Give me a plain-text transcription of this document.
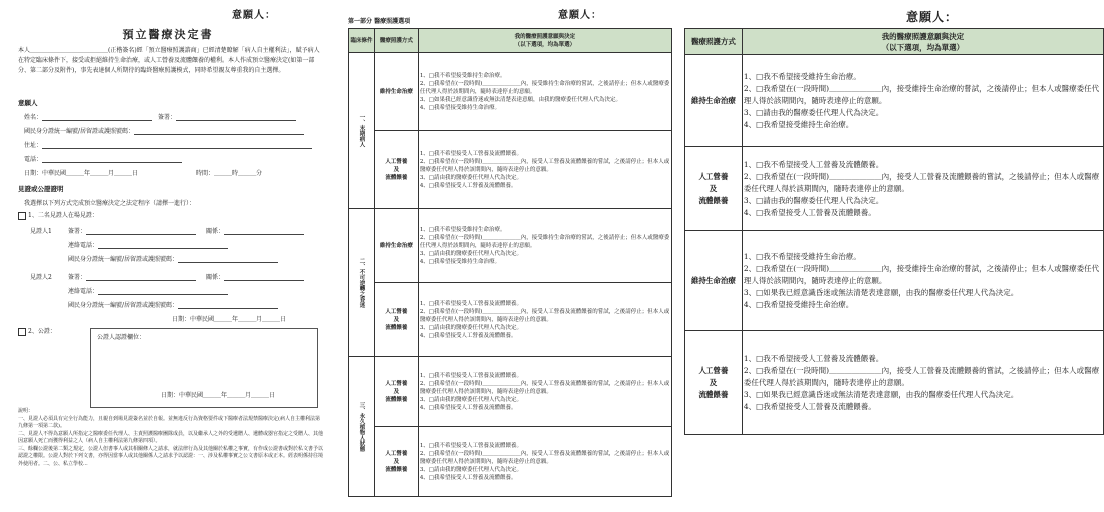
意願人：
預立醫療決定書
本人＿＿＿＿＿＿＿＿＿＿＿＿＿(正楷簽名)經「預立醫療照護諮商」已經清楚瞭解「病人自主權利法」，賦予病人在特定臨床條件下，接受或拒絕維持生命治療，或人工營養及流體餵養的權利。本人作成預立醫療決定(如第一部分、第二部分及附件)，事先表達個人所期待的臨終醫療照護模式，同時希望親友尊重我的自主選擇。
意願人
姓名：	簽署：
國民身分證統一編號/居留證或護照號碼：
住址：
電話：
日期：中華民國＿＿＿年＿＿＿月＿＿＿日	時間：＿＿＿時＿＿＿分
見證或公證證明
我選擇以下列方式完成預立醫療決定之法定程序（請擇一進行）：
1、二名見證人在場見證：
見證人1	簽署：	關係：
連絡電話：
國民身分證統一編號/居留證或護照號碼：
見證人2	簽署：	關係：
連絡電話：
國民身分證統一編號/居留證或護照號碼：
日期：中華民國＿＿＿年＿＿＿月＿＿＿日
2、公證：
公證人認證欄位：
日期：中華民國＿＿＿年＿＿＿月＿＿＿日
說明：
一、見證人必須具有完全行為能力，且親自到場見證簽名並於自報。並無違反行為資格要件或下醫療者法規禁醫療決定(病人自主權利法第九條第一項第二款)。
二、見證人不得為意願人所指定之醫療委任代理人、主責照護醫療團隊成員，以及繼承人之外的受遺贈人、遺體或器官指定之受贈人、其他因意願人死亡而獲得利益之人（病人自主權利法第九條第四項）。
三、餘欄公證後第二類之規定，公證人但書事人或其相關條人之請求，就法律行為及其他關於私權之事實，有作成公證書或對於私文書予以認證之權限。公證人對於下列文書，亦得因當事人或其他關係人之請求予以認證：一、涉及私權事實之公文書原本或正本。經表明係持往境外使用者。二、公、私立學校...
意願人：
第一部分 醫療照護選項
臨床條件	醫療照護方式	我的醫療照護意願與決定
（以下選項，均為單選）
一、末期病人	維持生命治療	1、□我不希望接受維持生命治療。
2、□我希望在(一段時間)＿＿＿＿＿＿＿內，接受維持生命治療的嘗試，之後請停止；但本人或醫療委任代理人得於該期間內，隨時表達停止的意願。
3、□如果我已經意識昏迷或無法清楚表達意願，由我的醫療委任代理人代為決定。
4、□我希望接受維持生命治療。

	人工營養
及
流體餵養	1、□我不希望接受人工營養及流體餵養。
2、□我希望在(一段時間)＿＿＿＿＿＿＿內，接受人工營養及流體餵養的嘗試，之後請停止；但本人或醫療委任代理人得於該期間內，隨時表達停止的意願。
3、□請由我的醫療委任代理人代為決定。
4、□我希望接受人工營養及流體餵養。

二、不可逆轉之昏迷	維持生命治療	1、□我不希望接受維持生命治療。
2、□我希望在(一段時間)＿＿＿＿＿＿＿內，接受維持生命治療的嘗試，之後請停止；但本人或醫療委任代理人得於該期間內，隨時表達停止的意願。
3、□請由我的醫療委任代理人代為決定。
4、□我希望接受維持生命治療。

	人工營養
及
流體餵養	1、□我不希望接受人工營養及流體餵養。
2、□我希望在(一段時間)＿＿＿＿＿＿＿內，接受人工營養及流體餵養的嘗試，之後請停止；但本人或醫療委任代理人得於該期間內，隨時表達停止的意願。
3、□請由我的醫療委任代理人代為決定。
4、□我希望接受人工營養及流體餵養。

三、永久植物人狀態	人工營養
及
流體餵養	1、□我不希望接受人工營養及流體餵養。
2、□我希望在(一段時間)＿＿＿＿＿＿＿內，接受人工營養及流體餵養的嘗試，之後請停止；但本人或醫療委任代理人得於該期間內，隨時表達停止的意願。
3、□請由我的醫療委任代理人代為決定。
4、□我希望接受人工營養及流體餵養。

	人工營養
及
流體餵養	1、□我不希望接受人工營養及流體餵養。
2、□我希望在(一段時間)＿＿＿＿＿＿＿內，接受人工營養及流體餵養的嘗試，之後請停止；但本人或醫療委任代理人得於該期間內，隨時表達停止的意願。
3、□請由我的醫療委任代理人代為決定。
4、□我希望接受人工營養及流體餵養。
意願人：
醫療照護方式	我的醫療照護意願與決定
（以下選項，均為單選）
維持生命治療	1、□我不希望接受維持生命治療。
2、□我希望在(一段時間)＿＿＿＿＿＿＿內，接受維持生命治療的嘗試，之後請停止；但本人或醫療委任代理人得於該期間內，隨時表達停止的意願。
3、□請由我的醫療委任代理人代為決定。
4、□我希望接受維持生命治療。

人工營養
及
流體餵養	1、□我不希望接受人工營養及流體餵養。
2、□我希望在(一段時間)＿＿＿＿＿＿＿內，接受人工營養及流體餵養的嘗試，之後請停止；但本人或醫療委任代理人得於該期間內，隨時表達停止的意願。
3、□請由我的醫療委任代理人代為決定。
4、□我希望接受人工營養及流體餵養。

維持生命治療	1、□我不希望接受維持生命治療。
2、□我希望在(一段時間)＿＿＿＿＿＿＿內，接受維持生命治療的嘗試，之後請停止；但本人或醫療委任代理人得於該期間內，隨時表達停止的意願。
3、□如果我已經意識昏迷或無法清楚表達意願，由我的醫療委任代理人代為決定。
4、□我希望接受維持生命治療。

人工營養
及
流體餵養	1、□我不希望接受人工營養及流體餵養。
2、□我希望在(一段時間)＿＿＿＿＿＿＿內，接受人工營養及流體餵養的嘗試，之後請停止；但本人或醫療委任代理人得於該期間內，隨時表達停止的意願。
3、□如果我已經意識昏迷或無法清楚表達意願，由我的醫療委任代理人代為決定。
4、□我希望接受人工營養及流體餵養。
